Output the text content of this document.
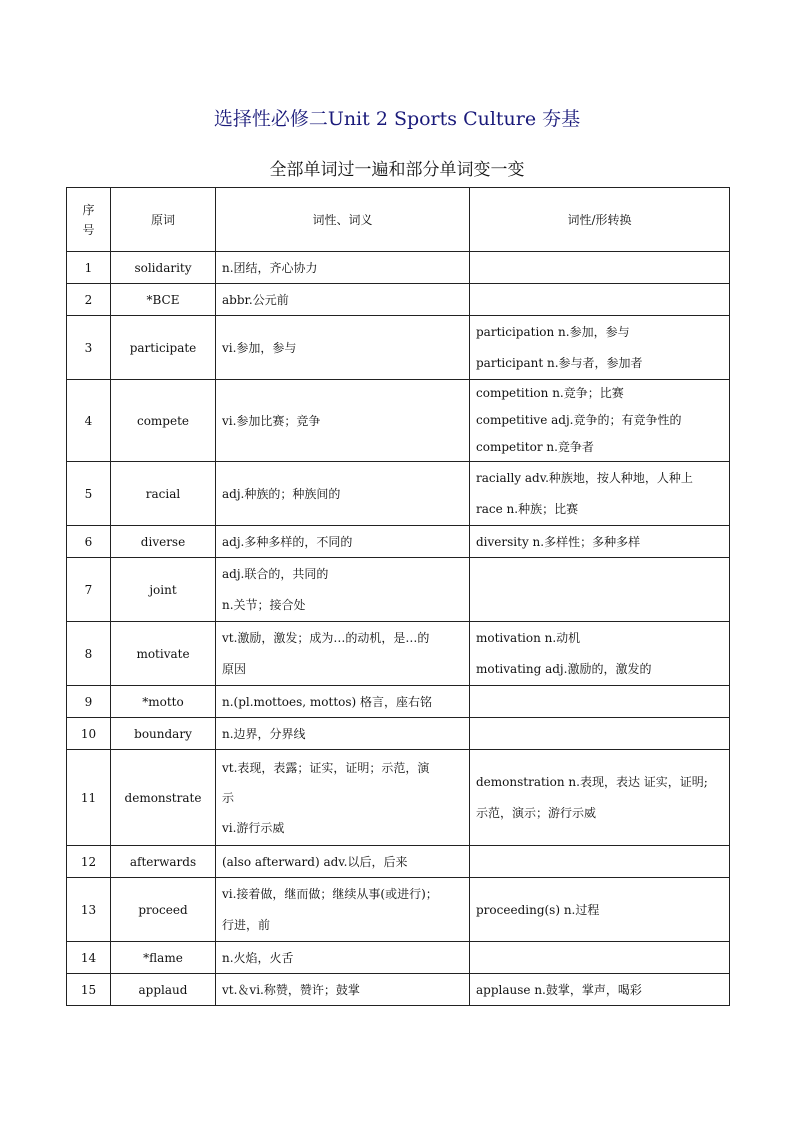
选择性必修二Unit 2 Sports Culture 夯基
全部单词过一遍和部分单词变一变
序
号	原词	词性、词义	词性/形转换
1	solidarity	n.团结，齐心协力	

2	*BCE	abbr.公元前	

3	participate	vi.参加，参与	participation n.参加，参与
participant n.参与者，参加者

4	compete	vi.参加比赛；竞争	competition n.竞争；比赛
competitive adj.竞争的；有竞争性的
competitor n.竞争者

5	racial	adj.种族的；种族间的	racially adv.种族地，按人种地，人种上
race n.种族；比赛

6	diverse	adj.多种多样的，不同的	diversity n.多样性；多种多样

7	joint	adj.联合的，共同的
n.关节；接合处	

8	motivate	vt.激励，激发；成为…的动机，是…的
原因	motivation n.动机
motivating adj.激励的，激发的

9	*motto	n.(pl.mottoes, mottos) 格言，座右铭	

10	boundary	n.边界，分界线	

11	demonstrate	vt.表现，表露；证实，证明；示范，演
示
vi.游行示威	demonstration n.表现，表达 证实，证明;
示范，演示；游行示威

12	afterwards	(also afterward) adv.以后，后来	

13	proceed	vi.接着做，继而做；继续从事(或进行)；
行进，前	proceeding(s) n.过程

14	*flame	n.火焰，火舌	

15	applaud	vt.＆vi.称赞，赞许；鼓掌	applause n.鼓掌，掌声，喝彩
